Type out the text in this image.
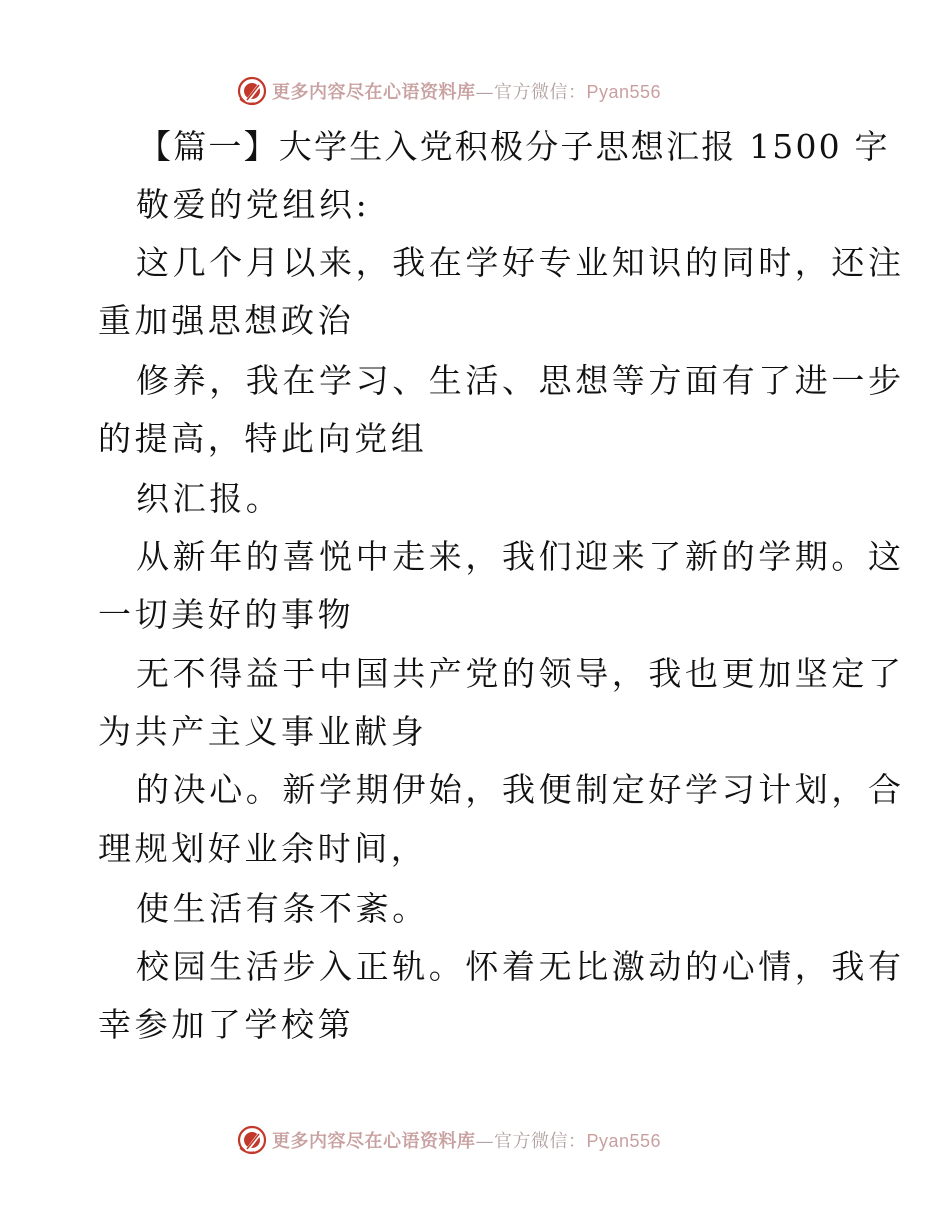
更多内容尽在心语资料库—官方微信：Pyan556
【篇一】大学生入党积极分子思想汇报 1500 字
敬爱的党组织:
这几个月以来，我在学好专业知识的同时，还注
重加强思想政治
修养，我在学习、生活、思想等方面有了进一步
的提高，特此向党组
织汇报。
从新年的喜悦中走来，我们迎来了新的学期。这
一切美好的事物
无不得益于中国共产党的领导，我也更加坚定了
为共产主义事业献身
的决心。新学期伊始，我便制定好学习计划，合
理规划好业余时间，
使生活有条不紊。
校园生活步入正轨。怀着无比激动的心情，我有
幸参加了学校第
更多内容尽在心语资料库—官方微信：Pyan556
